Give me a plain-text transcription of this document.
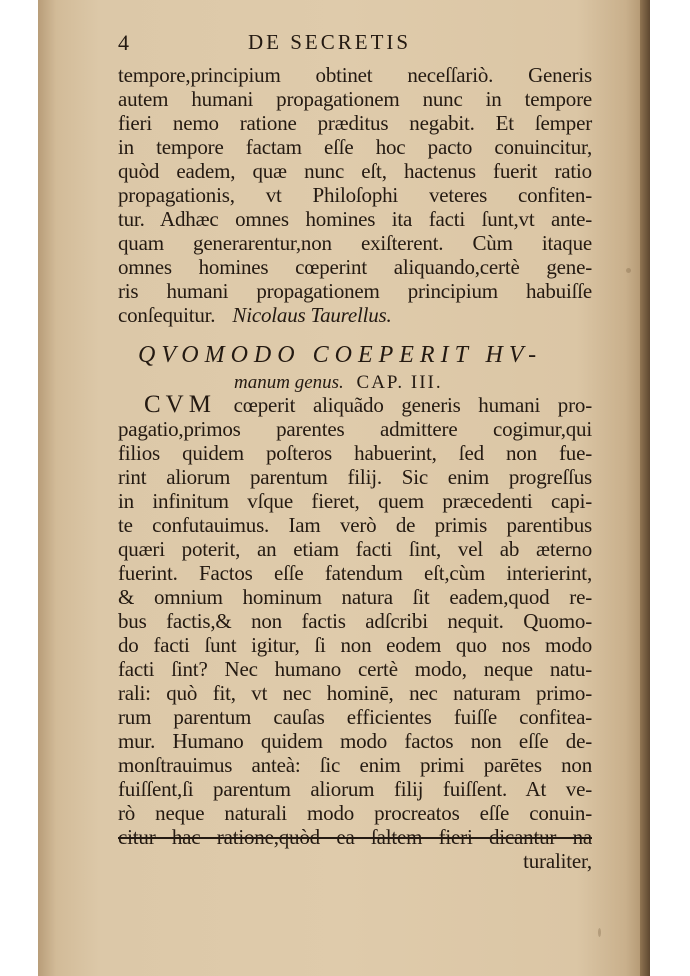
4	DE SECRETIS
tempore,principium obtinet neceſſariò. Generis
autem humani propagationem nunc in tempore
fieri nemo ratione præditus negabit. Et ſemper
in tempore factam eſſe hoc pacto conuincitur,
quòd eadem, quæ nunc eſt, hactenus fuerit ratio
propagationis, vt Philoſophi veteres confiten-
tur. Adhæc omnes homines ita facti ſunt,vt ante-
quam generarentur,non exiſterent. Cùm itaque
omnes homines cœperint aliquando,certè gene-
ris humani propagationem principium habuiſſe
conſequitur. Nicolaus Taurellus.
CVM cœperit aliquãdo generis humani pro-
pagatio,primos parentes admittere cogimur,qui
filios quidem poſteros habuerint, ſed non fue-
rint aliorum parentum filij. Sic enim progreſſus
in infinitum vſque fieret, quem præcedenti capi-
te confutauimus. Iam verò de primis parentibus
quæri poterit, an etiam facti ſint, vel ab æterno
fuerint. Factos eſſe fatendum eſt,cùm interierint,
& omnium hominum natura ſit eadem,quod re-
bus factis,& non factis adſcribi nequit. Quomo-
do facti ſunt igitur, ſi non eodem quo nos modo
facti ſint? Nec humano certè modo, neque natu-
rali: quò fit, vt nec hominē, nec naturam primo-
rum parentum cauſas efficientes fuiſſe confitea-
mur. Humano quidem modo factos non eſſe de-
monſtrauimus anteà: ſic enim primi parētes non
fuiſſent,ſi parentum aliorum filij fuiſſent. At ve-
rò neque naturali modo procreatos eſſe conuin-
citur hac ratione,quòd ea ſaltem fieri dicantur na
turaliter,
QVOMODO COEPERIT HV-
manum genus. CAP. III.
